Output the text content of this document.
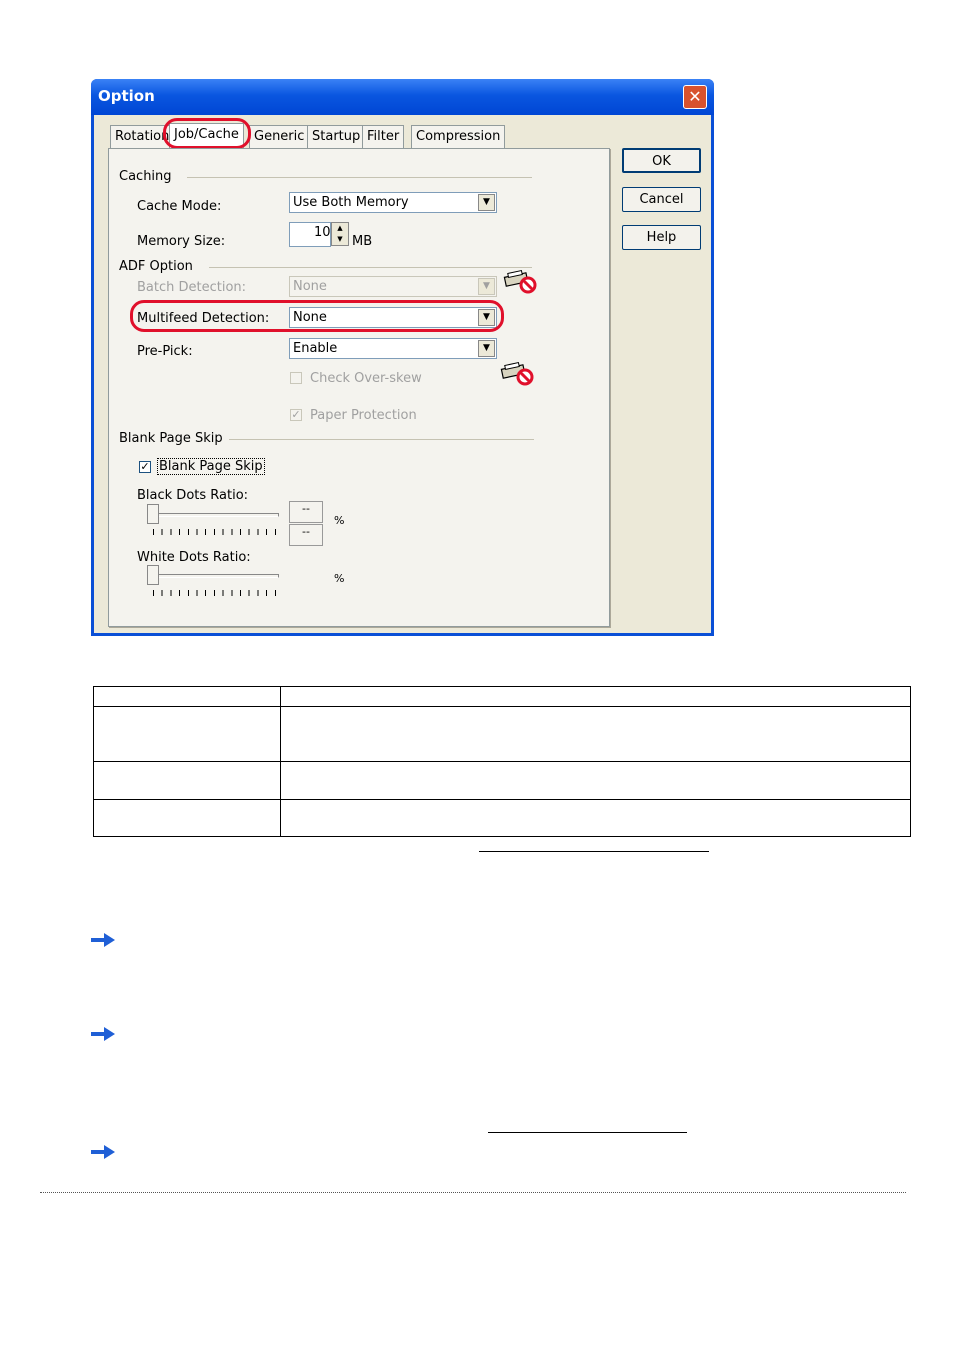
Option	✕
Rotation Job/Cache	Generic Startup Filter	Compression
Caching
Cache Mode:	Use Both Memory	▼
Memory Size:
10 ▲
▼ MB
ADF Option
Batch Detection:	None	▼
Multifeed Detection: None	▼
Pre-Pick:	Enable	▼
Check Over-skew
✓ Paper Protection
Blank Page Skip
✓ Blank Page Skip
Black Dots Ratio:
--
--
%
White Dots Ratio:
%
OK
Cancel
Help
